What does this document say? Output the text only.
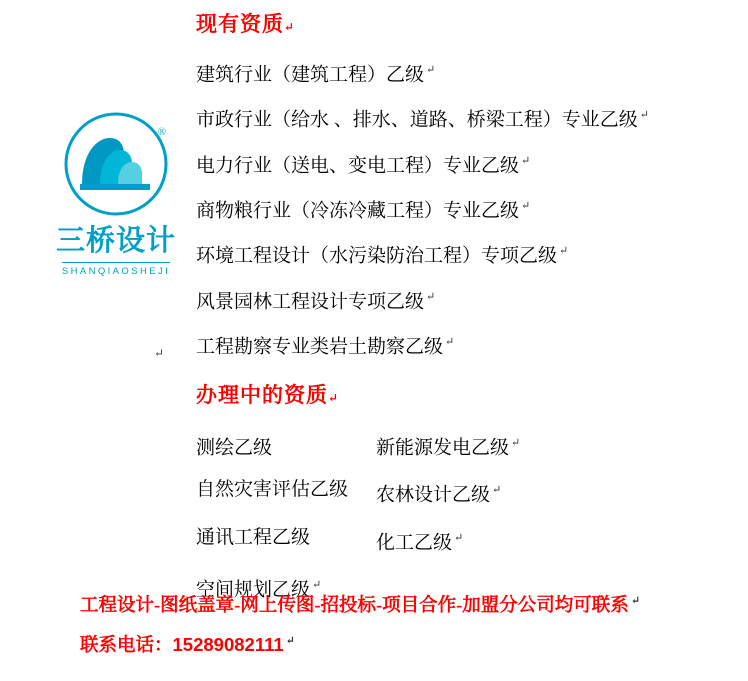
®
三桥设计
SHANQIAOSHEJI
现有资质↵
建筑行业（建筑工程）乙级 ↵
市政行业（给水 、排水、道路、桥梁工程）专业乙级 ↵
电力行业（送电、变电工程）专业乙级 ↵
商物粮行业（冷冻冷藏工程）专业乙级 ↵
环境工程设计（水污染防治工程）专项乙级 ↵
风景园林工程设计专项乙级 ↵
工程勘察专业类岩土勘察乙级 ↵
↵
办理中的资质↵
测绘乙级	新能源发电乙级 ↵
自然灾害评估乙级	农林设计乙级 ↵
通讯工程乙级	化工乙级 ↵
空间规划乙级 ↵
工程设计-图纸盖章-网上传图-招投标-项目合作-加盟分公司均可联系 ↵
联系电话：15289082111 ↵
